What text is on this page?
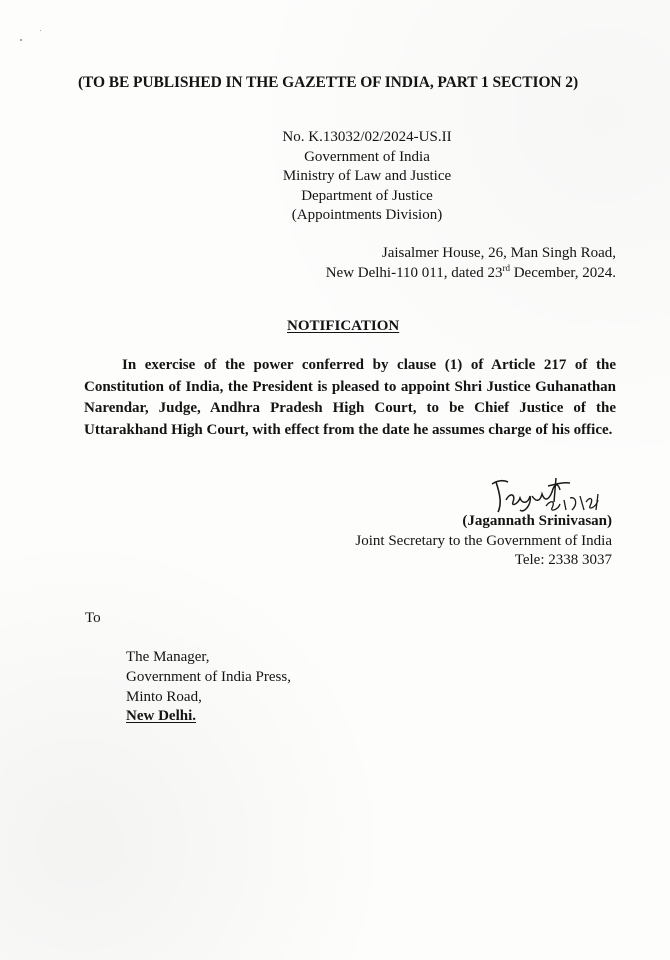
(TO BE PUBLISHED IN THE GAZETTE OF INDIA, PART 1 SECTION 2)
No. K.13032/02/2024-US.II
Government of India
Ministry of Law and Justice
Department of Justice
(Appointments Division)
Jaisalmer House, 26, Man Singh Road,
New Delhi-110 011, dated 23rd December, 2024.
NOTIFICATION
In exercise of the power conferred by clause (1) of Article 217 of the Constitution of India, the President is pleased to appoint Shri Justice Guhanathan Narendar, Judge, Andhra Pradesh High Court, to be Chief Justice of the Uttarakhand High Court, with effect from the date he assumes charge of his office.
(Jagannath Srinivasan)
Joint Secretary to the Government of India
Tele: 2338 3037
To
The Manager,
Government of India Press,
Minto Road,
New Delhi.
